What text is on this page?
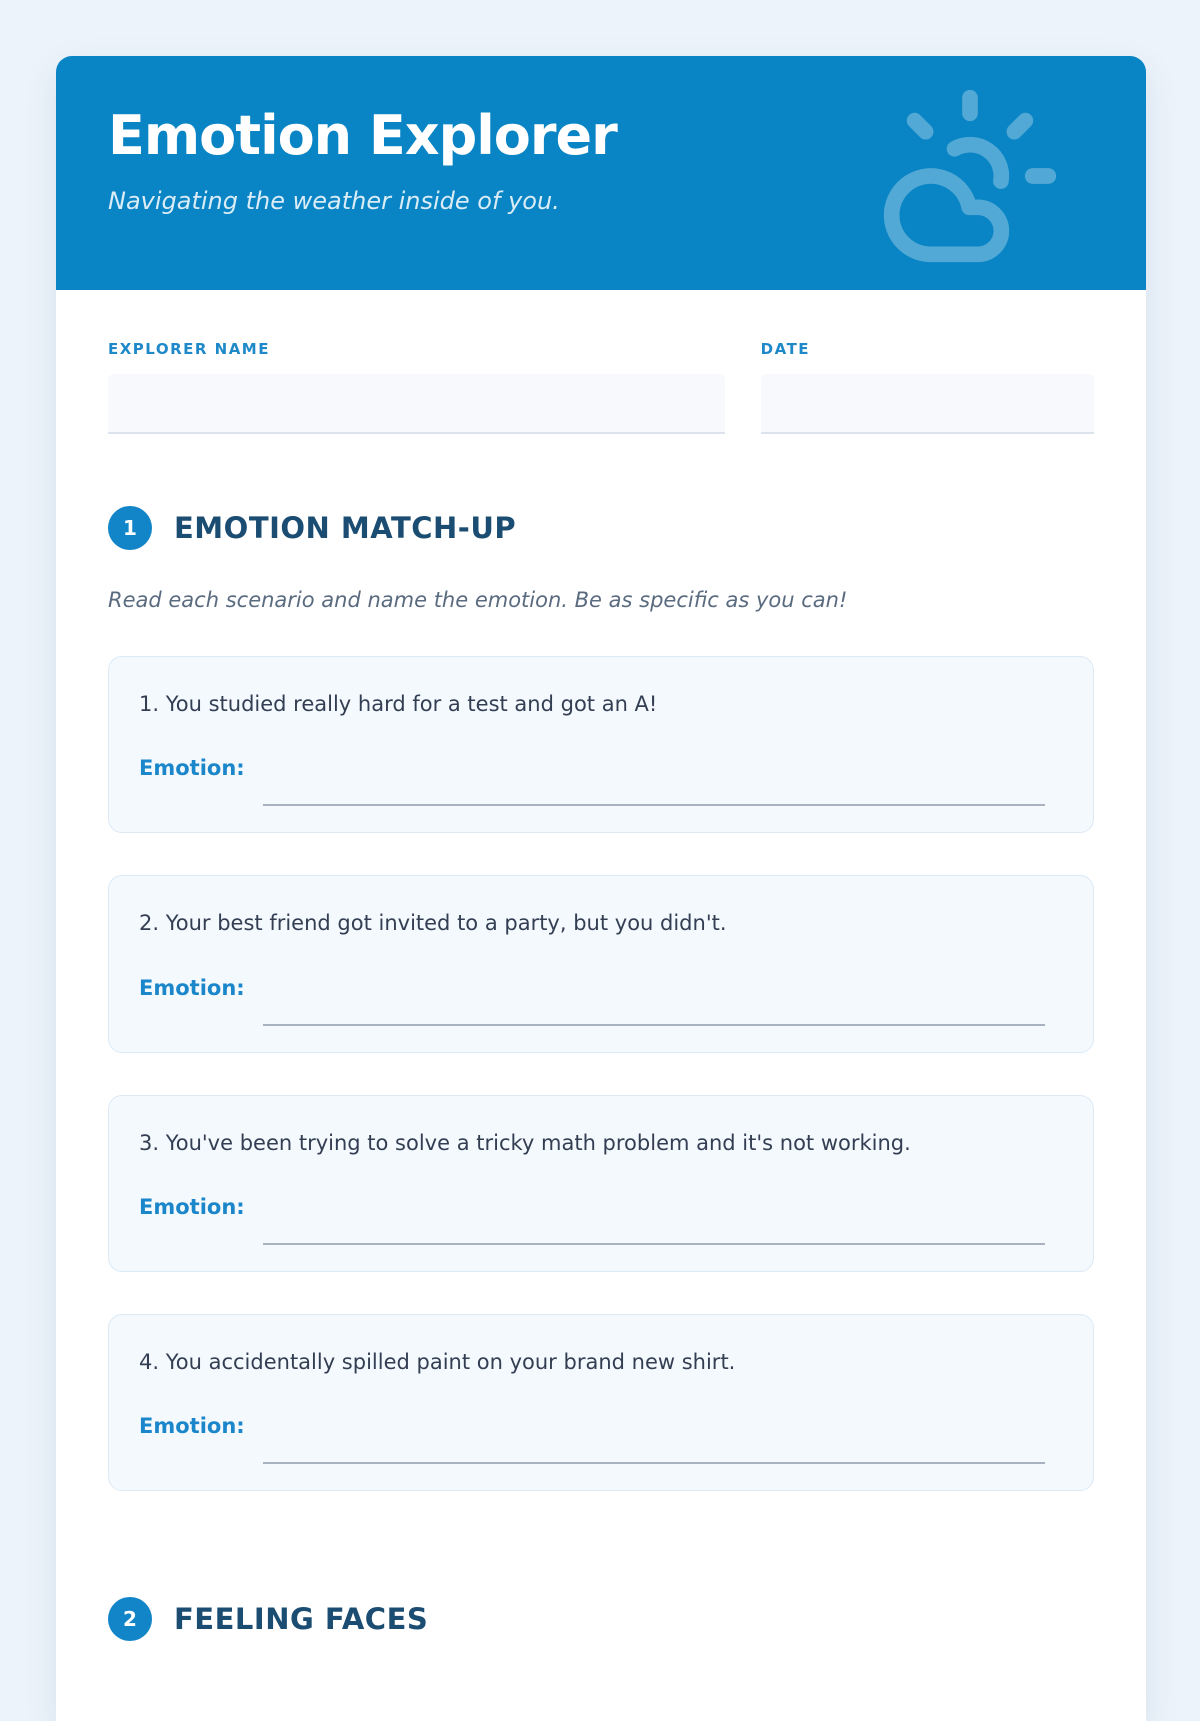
Emotion Explorer

Navigating the weather inside of you.

EXPLORER NAME	DATE
1	EMOTION MATCH-UP

Read each scenario and name the emotion. Be as specific as you can!

1. You studied really hard for a test and got an A!

Emotion:

2. Your best friend got invited to a party, but you didn't.

Emotion:

3. You've been trying to solve a tricky math problem and it's not working.

Emotion:

4. You accidentally spilled paint on your brand new shirt.

Emotion:
2	FEELING FACES
